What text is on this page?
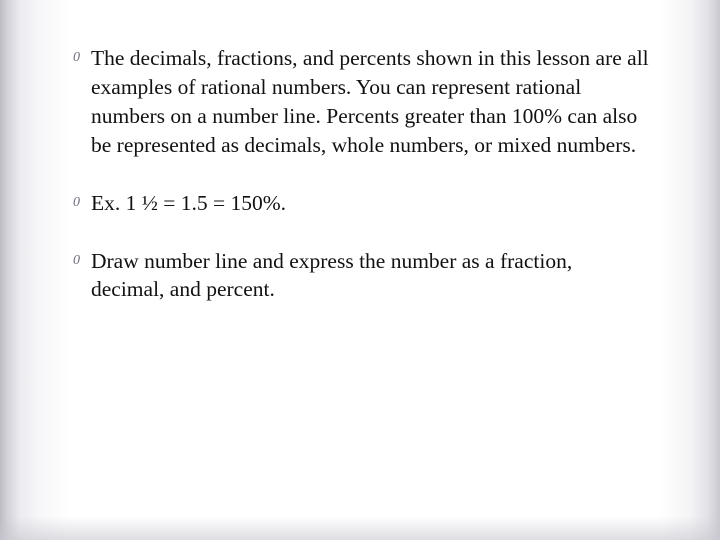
0 The decimals, fractions, and percents shown in this lesson are all examples of rational numbers. You can represent rational numbers on a number line. Percents greater than 100% can also be represented as decimals, whole numbers, or mixed numbers.
0 Ex. 1 ½ = 1.5 = 150%.
0 Draw number line and express the number as a fraction, decimal, and percent.
